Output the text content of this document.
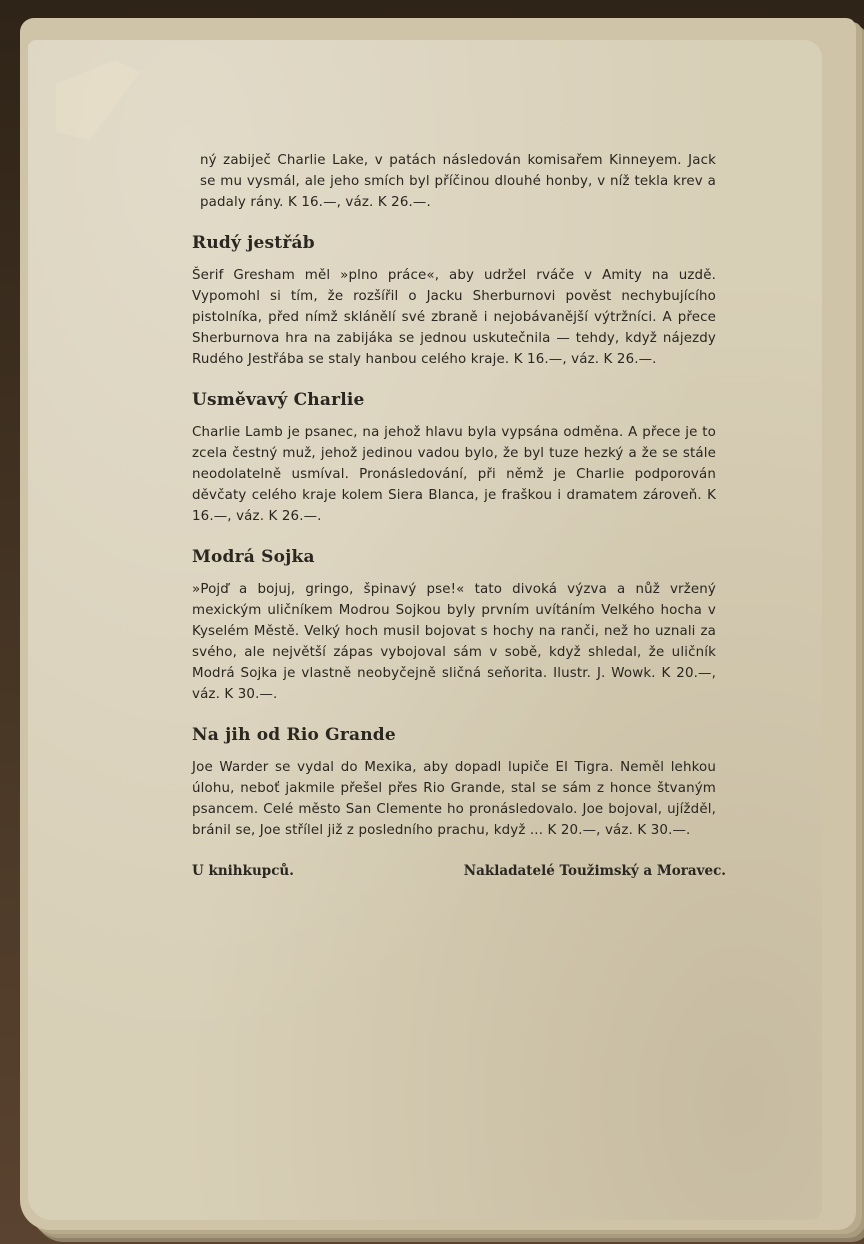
ný zabiječ Charlie Lake, v patách následován komisařem Kinneyem. Jack se mu vysmál, ale jeho smích byl příčinou dlouhé honby, v níž tekla krev a padaly rány. K 16.—, váz. K 26.—.

Rudý jestřáb

Šerif Gresham měl »plno práce«, aby udržel rváče v Amity na uzdě. Vypomohl si tím, že rozšířil o Jacku Sherburnovi pověst nechybujícího pistolníka, před nímž sklánělí své zbraně i nejobávanější výtržníci. A přece Sherburnova hra na zabijáka se jednou uskutečnila — tehdy, když nájezdy Rudého Jestřába se staly hanbou celého kraje. K 16.—, váz. K 26.—.

Usměvavý Charlie

Charlie Lamb je psanec, na jehož hlavu byla vypsána odměna. A přece je to zcela čestný muž, jehož jedinou vadou bylo, že byl tuze hezký a že se stále neodolatelně usmíval. Pronásledování, při němž je Charlie podporován děvčaty celého kraje kolem Siera Blanca, je fraškou i dramatem zároveň. K 16.—, váz. K 26.—.

Modrá Sojka

»Pojď a bojuj, gringo, špinavý pse!« tato divoká výzva a nůž vržený mexickým uličníkem Modrou Sojkou byly prvním uvítáním Velkého hocha v Kyselém Městě. Velký hoch musil bojovat s hochy na ranči, než ho uznali za svého, ale největší zápas vybojoval sám v sobě, když shledal, že uličník Modrá Sojka je vlastně neobyčejně sličná seňorita. Ilustr. J. Wowk. K 20.—, váz. K 30.—.

Na jih od Rio Grande

Joe Warder se vydal do Mexika, aby dopadl lupiče El Tigra. Neměl lehkou úlohu, neboť jakmile přešel přes Rio Grande, stal se sám z honce štvaným psancem. Celé město San Clemente ho pronásledovalo. Joe bojoval, ujížděl, bránil se, Joe střílel již z posledního prachu, když ... K 20.—, váz. K 30.—.

U knihkupců.	Nakladatelé Toužimský a Moravec.
